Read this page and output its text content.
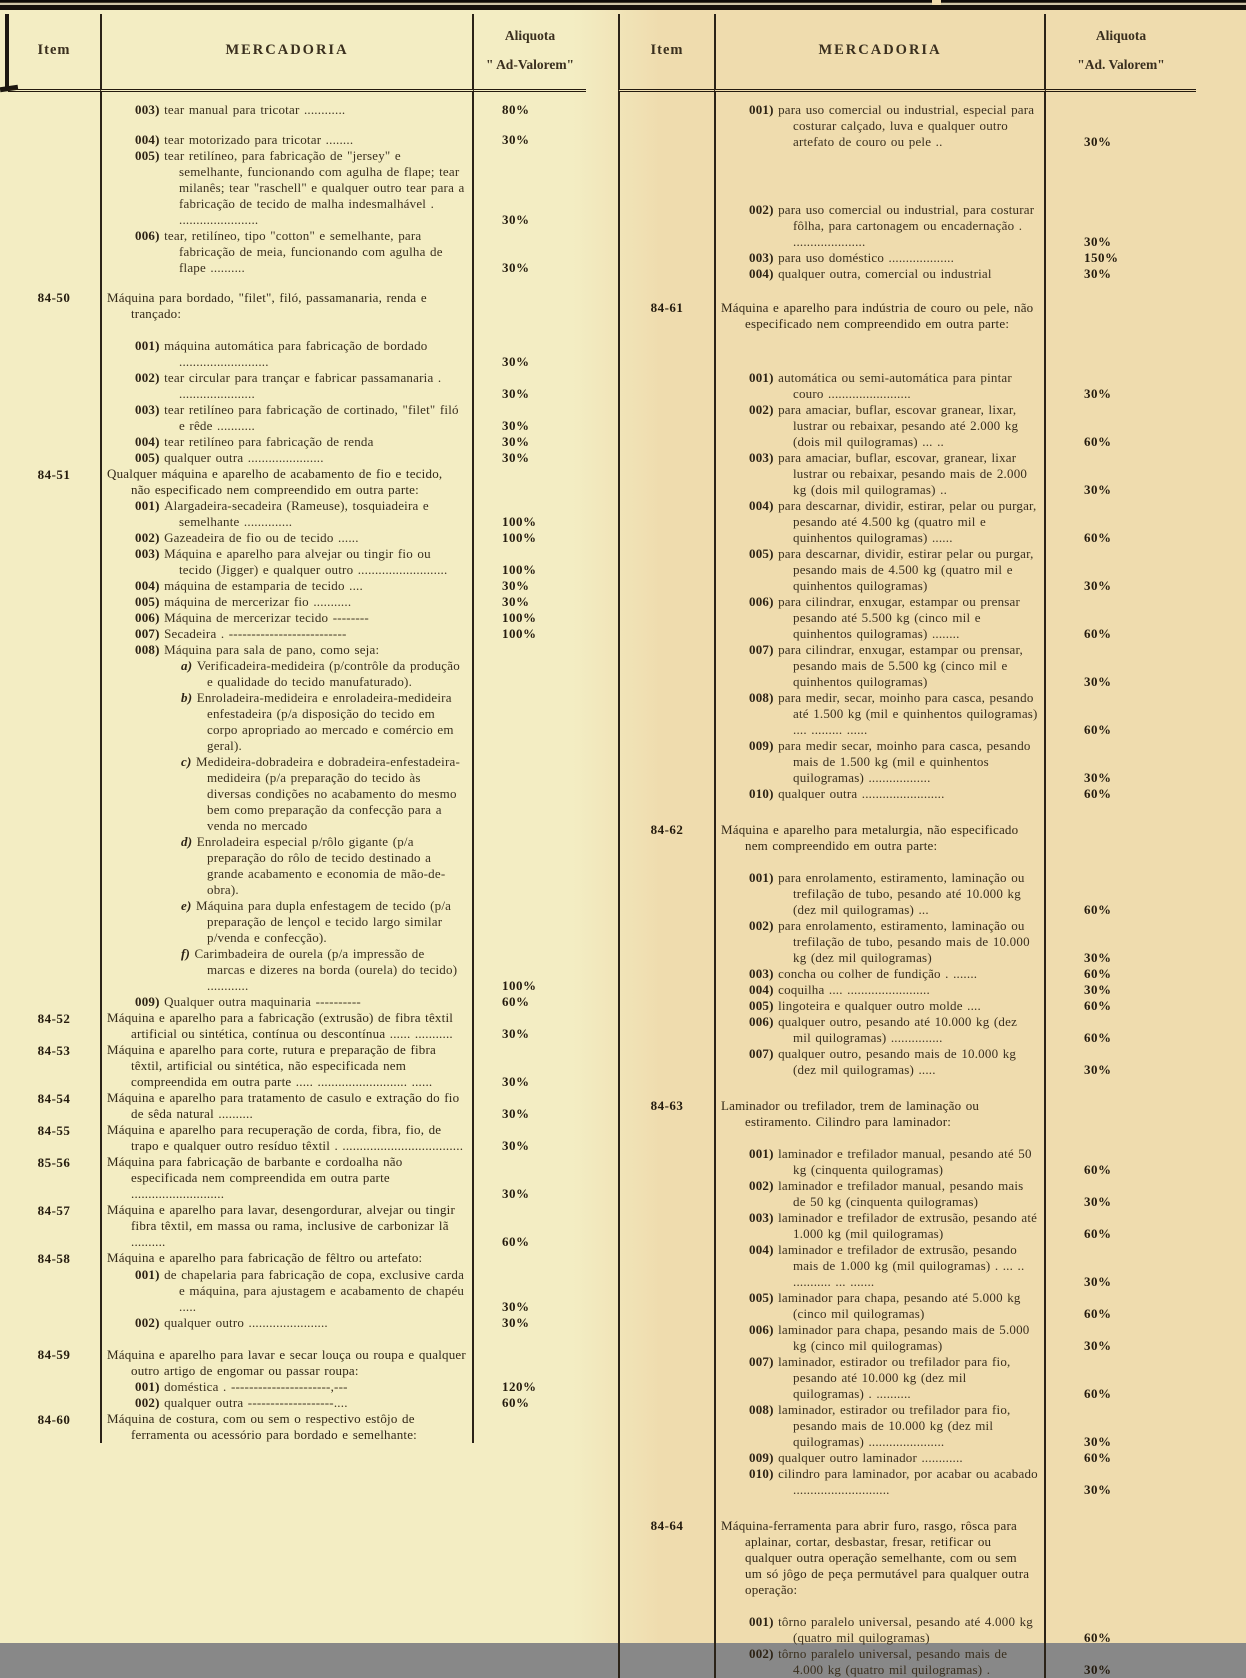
Item	MERCADORIA
Aliquota
" Ad-Valorem"
003) tear manual para tricotar ............	80%
004) tear motorizado para tricotar ........	30%
005) tear retilíneo, para fabricação de "jersey" e semelhante, funcionando com agulha de flape; tear milanês; tear "raschell" e qualquer outro tear para a fabricação de tecido de malha indesmalhável . .......................	30%
006) tear, retilíneo, tipo "cotton" e semelhante, para fabricação de meia, funcionando com agulha de flape ..........	30%
84-50	Máquina para bordado, "filet", filó, passamanaria, renda e trançado:
001) máquina automática para fabricação de bordado ..........................	30%
002) tear circular para trançar e fabricar passamanaria . ......................	30%
003) tear retilíneo para fabricação de cortinado, "filet" filó e rêde ...........	30%
004) tear retilíneo para fabricação de renda	30%
005) qualquer outra ......................	30%
84-51	Qualquer máquina e aparelho de acabamento de fio e tecido, não especificado nem compreendido em outra parte:
001) Alargadeira-secadeira (Rameuse), tosquiadeira e semelhante ..............	100%
002) Gazeadeira de fio ou de tecido ......	100%
003) Máquina e aparelho para alvejar ou tingir fio ou tecido (Jigger) e qualquer outro ..........................	100%
004) máquina de estamparia de tecido ....	30%
005) máquina de mercerizar fio ...........	30%
006) Máquina de mercerizar tecido --------	100%
007) Secadeira . --------------------------	100%
008) Máquina para sala de pano, como seja:
a) Verificadeira-medideira (p/contrôle da produção e qualidade do tecido manufaturado).
b) Enroladeira-medideira e enroladeira-medideira enfestadeira (p/a disposição do tecido em corpo apropriado ao mercado e comércio em geral).
c) Medideira-dobradeira e dobradeira-enfestadeira-medideira (p/a preparação do tecido às diversas condições no acabamento do mesmo bem como preparação da confecção para a venda no mercado
d) Enroladeira especial p/rôlo gigante (p/a preparação do rôlo de tecido destinado a grande acabamento e economia de mão-de-obra).
e) Máquina para dupla enfestagem de tecido (p/a preparação de lençol e tecido largo similar p/venda e confecção).
f) Carimbadeira de ourela (p/a impressão de marcas e dizeres na borda (ourela) do tecido) ............	100%
009) Qualquer outra maquinaria ----------	60%
84-52	Máquina e aparelho para a fabricação (extrusão) de fibra têxtil artificial ou sintética, contínua ou descontínua ...... ...........	30%
84-53	Máquina e aparelho para corte, rutura e preparação de fibra têxtil, artificial ou sintética, não especificada nem compreendida em outra parte ..... .......................... ......	30%
84-54	Máquina e aparelho para tratamento de casulo e extração do fio de sêda natural ..........	30%
84-55	Máquina e aparelho para recuperação de corda, fibra, fio, de trapo e qualquer outro resíduo têxtil . ...................................	30%
85-56	Máquina para fabricação de barbante e cordoalha não especificada nem compreendida em outra parte ...........................	30%
84-57	Máquina e aparelho para lavar, desengordurar, alvejar ou tingir fibra têxtil, em massa ou rama, inclusive de carbonizar lã ..........	60%
84-58	Máquina e aparelho para fabricação de fêltro ou artefato:
001) de chapelaria para fabricação de copa, exclusive carda e máquina, para ajustagem e acabamento de chapéu .....	30%
002) qualquer outro .......................	30%
84-59	Máquina e aparelho para lavar e secar louça ou roupa e qualquer outro artigo de engomar ou passar roupa:
001) doméstica . ----------------------,---	120%
002) qualquer outra -------------------....	60%
84-60	Máquina de costura, com ou sem o respectivo estôjo de ferramenta ou acessório para bordado e semelhante:
Item	MERCADORIA
Aliquota
"Ad. Valorem"
001) para uso comercial ou industrial, especial para costurar calçado, luva e qualquer outro artefato de couro ou pele ..	30%
002) para uso comercial ou industrial, para costurar fôlha, para cartonagem ou encadernação . .....................	30%
003) para uso doméstico ...................	150%
004) qualquer outra, comercial ou industrial	30%
84-61	Máquina e aparelho para indústria de couro ou pele, não especificado nem compreendido em outra parte:
001) automática ou semi-automática para pintar couro ........................	30%
002) para amaciar, buflar, escovar granear, lixar, lustrar ou rebaixar, pesando até 2.000 kg (dois mil quilogramas) ... ..	60%
003) para amaciar, buflar, escovar, granear, lixar lustrar ou rebaixar, pesando mais de 2.000 kg (dois mil quilogramas) ..	30%
004) para descarnar, dividir, estirar, pelar ou purgar, pesando até 4.500 kg (quatro mil e quinhentos quilogramas) ......	60%
005) para descarnar, dividir, estirar pelar ou purgar, pesando mais de 4.500 kg (quatro mil e quinhentos quilogramas)	30%
006) para cilindrar, enxugar, estampar ou prensar pesando até 5.500 kg (cinco mil e quinhentos quilogramas) ........	60%
007) para cilindrar, enxugar, estampar ou prensar, pesando mais de 5.500 kg (cinco mil e quinhentos quilogramas)	30%
008) para medir, secar, moinho para casca, pesando até 1.500 kg (mil e quinhentos quilogramas) .... ......... ......	60%
009) para medir secar, moinho para casca, pesando mais de 1.500 kg (mil e quinhentos quilogramas) ..................	30%
010) qualquer outra ........................	60%
84-62	Máquina e aparelho para metalurgia, não especificado nem compreendido em outra parte:
001) para enrolamento, estiramento, laminação ou trefilação de tubo, pesando até 10.000 kg (dez mil quilogramas) ...	60%
002) para enrolamento, estiramento, laminação ou trefilação de tubo, pesando mais de 10.000 kg (dez mil quilogramas)	30%
003) concha ou colher de fundição . .......	60%
004) coquilha .... ........................	30%
005) lingoteira e qualquer outro molde ....	60%
006) qualquer outro, pesando até 10.000 kg (dez mil quilogramas) ...............	60%
007) qualquer outro, pesando mais de 10.000 kg (dez mil quilogramas) .....	30%
84-63	Laminador ou trefilador, trem de laminação ou estiramento. Cilindro para laminador:
001) laminador e trefilador manual, pesando até 50 kg (cinquenta quilogramas)	60%
002) laminador e trefilador manual, pesando mais de 50 kg (cinquenta quilogramas)	30%
003) laminador e trefilador de extrusão, pesando até 1.000 kg (mil quilogramas)	60%
004) laminador e trefilador de extrusão, pesando mais de 1.000 kg (mil quilogramas) . ... .. ........... ... .......	30%
005) laminador para chapa, pesando até 5.000 kg (cinco mil quilogramas)	60%
006) laminador para chapa, pesando mais de 5.000 kg (cinco mil quilogramas)	30%
007) laminador, estirador ou trefilador para fio, pesando até 10.000 kg (dez mil quilogramas) . ..........	60%
008) laminador, estirador ou trefilador para fio, pesando mais de 10.000 kg (dez mil quilogramas) ......................	30%
009) qualquer outro laminador ............	60%
010) cilindro para laminador, por acabar ou acabado ............................	30%
84-64	Máquina-ferramenta para abrir furo, rasgo, rôsca para aplainar, cortar, desbastar, fresar, retificar ou qualquer outra operação semelhante, com ou sem um só jôgo de peça permutável para qualquer outra operação:
001) tôrno paralelo universal, pesando até 4.000 kg (quatro mil quilogramas)	60%
002) tôrno paralelo universal, pesando mais de 4.000 kg (quatro mil quilogramas) .	30%
